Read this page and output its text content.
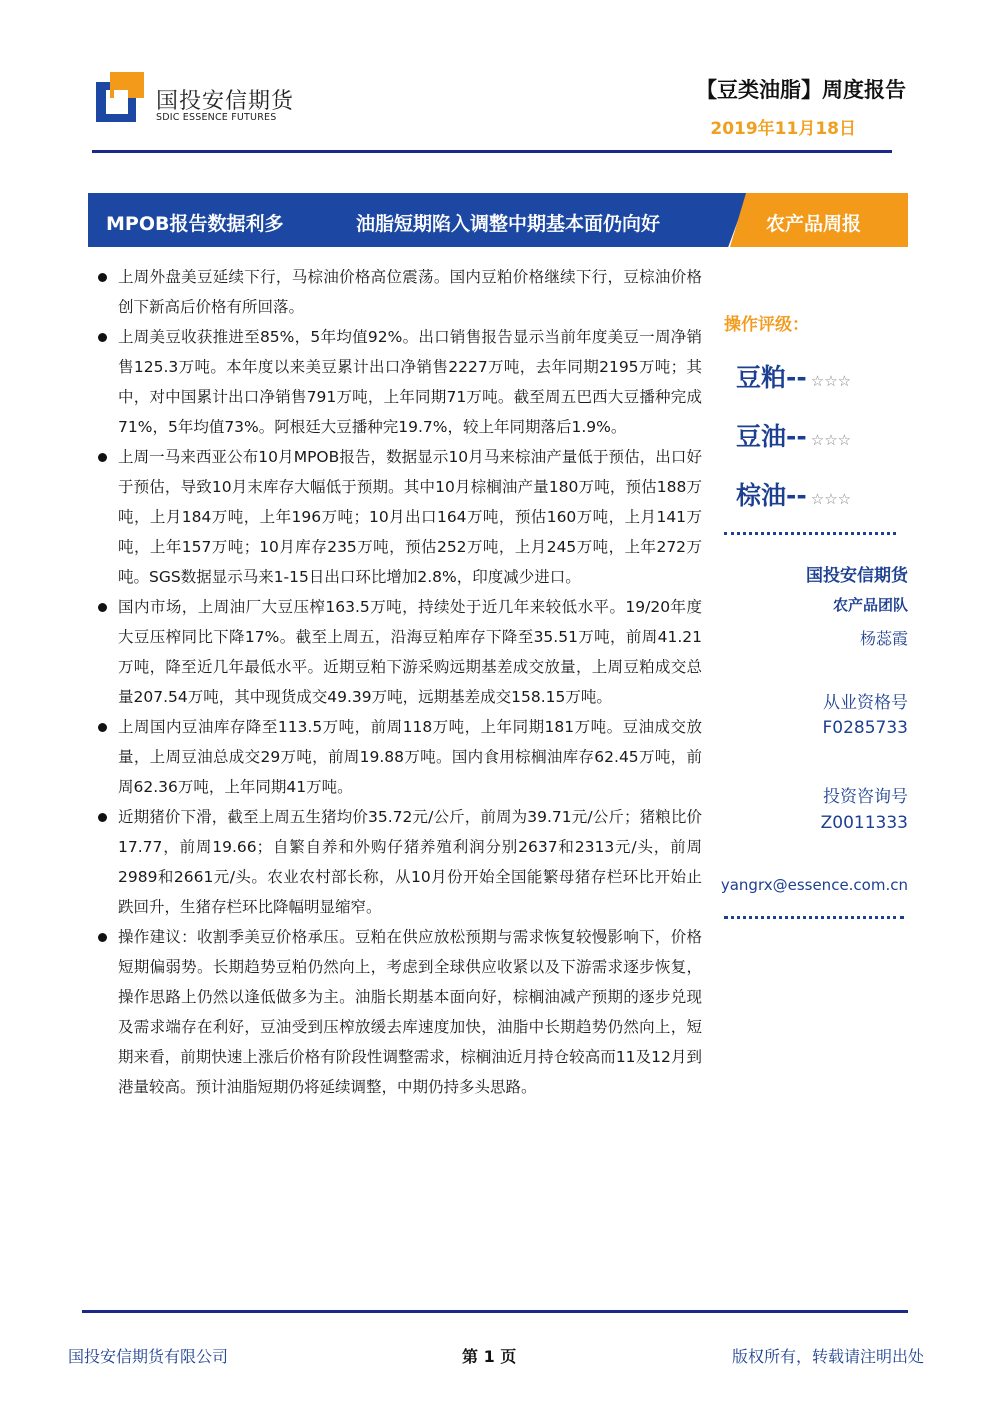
国投安信期货
SDIC ESSENCE FUTURES
【豆类油脂】周度报告
2019年11月18日
MPOB报告数据利多	油脂短期陷入调整中期基本面仍向好	农产品周报
上周外盘美豆延续下行，马棕油价格高位震荡。国内豆粕价格继续下行，豆棕油价格创下新高后价格有所回落。
上周美豆收获推进至85%，5年均值92%。出口销售报告显示当前年度美豆一周净销售125.3万吨。本年度以来美豆累计出口净销售2227万吨，去年同期2195万吨；其中，对中国累计出口净销售791万吨，上年同期71万吨。截至周五巴西大豆播种完成71%，5年均值73%。阿根廷大豆播种完19.7%，较上年同期落后1.9%。
上周一马来西亚公布10月MPOB报告，数据显示10月马来棕油产量低于预估，出口好于预估，导致10月末库存大幅低于预期。其中10月棕榈油产量180万吨，预估188万吨，上月184万吨，上年196万吨；10月出口164万吨，预估160万吨，上月141万吨，上年157万吨；10月库存235万吨，预估252万吨，上月245万吨，上年272万吨。SGS数据显示马来1-15日出口环比增加2.8%，印度减少进口。
国内市场，上周油厂大豆压榨163.5万吨，持续处于近几年来较低水平。19/20年度大豆压榨同比下降17%。截至上周五，沿海豆粕库存下降至35.51万吨，前周41.21万吨，降至近几年最低水平。近期豆粕下游采购远期基差成交放量，上周豆粕成交总量207.54万吨，其中现货成交49.39万吨，远期基差成交158.15万吨。
上周国内豆油库存降至113.5万吨，前周118万吨，上年同期181万吨。豆油成交放量，上周豆油总成交29万吨，前周19.88万吨。国内食用棕榈油库存62.45万吨，前周62.36万吨，上年同期41万吨。
近期猪价下滑，截至上周五生猪均价35.72元/公斤，前周为39.71元/公斤；猪粮比价17.77，前周19.66；自繁自养和外购仔猪养殖利润分别2637和2313元/头，前周2989和2661元/头。农业农村部长称，从10月份开始全国能繁母猪存栏环比开始止跌回升，生猪存栏环比降幅明显缩窄。
操作建议：收割季美豆价格承压。豆粕在供应放松预期与需求恢复较慢影响下，价格短期偏弱势。长期趋势豆粕仍然向上，考虑到全球供应收紧以及下游需求逐步恢复，操作思路上仍然以逢低做多为主。油脂长期基本面向好，棕榈油减产预期的逐步兑现及需求端存在利好，豆油受到压榨放缓去库速度加快，油脂中长期趋势仍然向上，短期来看，前期快速上涨后价格有阶段性调整需求，棕榈油近月持仓较高而11及12月到港量较高。预计油脂短期仍将延续调整，中期仍持多头思路。
操作评级：
豆粕-- ☆☆☆
豆油-- ☆☆☆
棕油-- ☆☆☆
国投安信期货
农产品团队
杨蕊霞
从业资格号
F0285733
投资咨询号
Z0011333
yangrx@essence.com.cn
国投安信期货有限公司	第 1 页	版权所有，转载请注明出处
